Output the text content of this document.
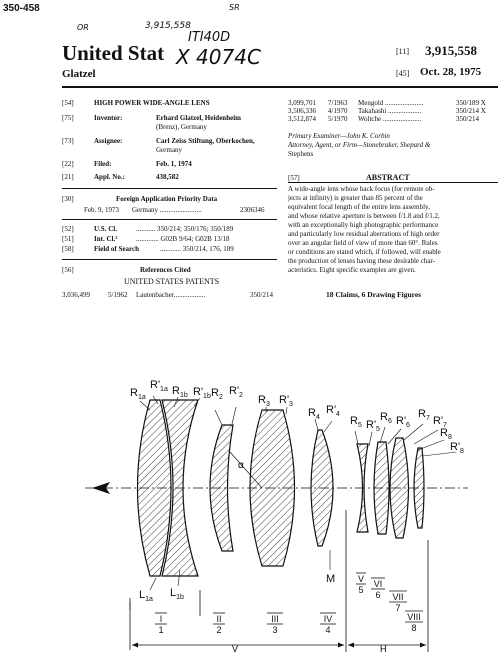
350-458
OR
SR
3,915,558
ITI40D
X 4074C
United Stat
Glatzel
[11] 3,915,558
[45] Oct. 28, 1975
[54]	HIGH POWER WIDE-ANGLE LENS
[75]	Inventor:	Erhard Glatzel, Heidenheim
(Brenz), Germany
[73]	Assignee:	Carl Zeiss Stiftung, Oberkochen,
Germany
[22]	Filed:	Feb. 1, 1974
[21]	Appl. No.:	438,582
[30]	Foreign Application Priority Data
Feb. 9, 1973 Germany ........................	2306346
[52]	U.S. Cl.	........... 350/214; 350/176; 350/189
[51]	Int. Cl.²	............. G02B 9/64; G02B 13/18
[58]	Field of Search	............ 350/214, 176, 189
[56]	References Cited
UNITED STATES PATENTS
3,036,499	5/1962 Lautenbacher..................	350/214
3,099,701 7/1963 Mengold ......................	350/189 X
3,506,336 4/1970 Takahashi ...................	350/214 X
3,512,874 5/1970 Woltche ......................	350/214
Primary Examiner—John K. Corbin
Attorney, Agent, or Firm—Stonebraker, Shepard &
Stephens
[57]	ABSTRACT
A wide-angle lens whose back focus (for remote ob-
jects at infinity) is greater than 85 percent of the
equivalent focal length of the entire lens assembly,
and whose relative aperture is between f/1.8 and f/1.2,
with an exceptionally high photographic performance
and particularly low residual aberrations of high order
over an angular field of view of more than 60°. Rules
or conditions are stated which, if followed, will enable
the production of lenses having these desirable char-
acteristics. Eight specific examples are given.
18 Claims, 6 Drawing Figures
α
$R_{1a}$
$R'_{1a}$ $R_{1b}$ $R'_{1b}$ $R_2$
$R'_2$ $R_3$ $R'_3$
$R_4$
$R'_4$
$R_5$ $R'_5$
$R_6$ $R'_6$
$R_7$ $R'_7$
$R_8$
$R'_8$
M
$L_{1a}$
$L_{1b}$
I
1
II
2
III
3
IV
4
V
5
VI
6 VII
7
VIII
8
V	H
